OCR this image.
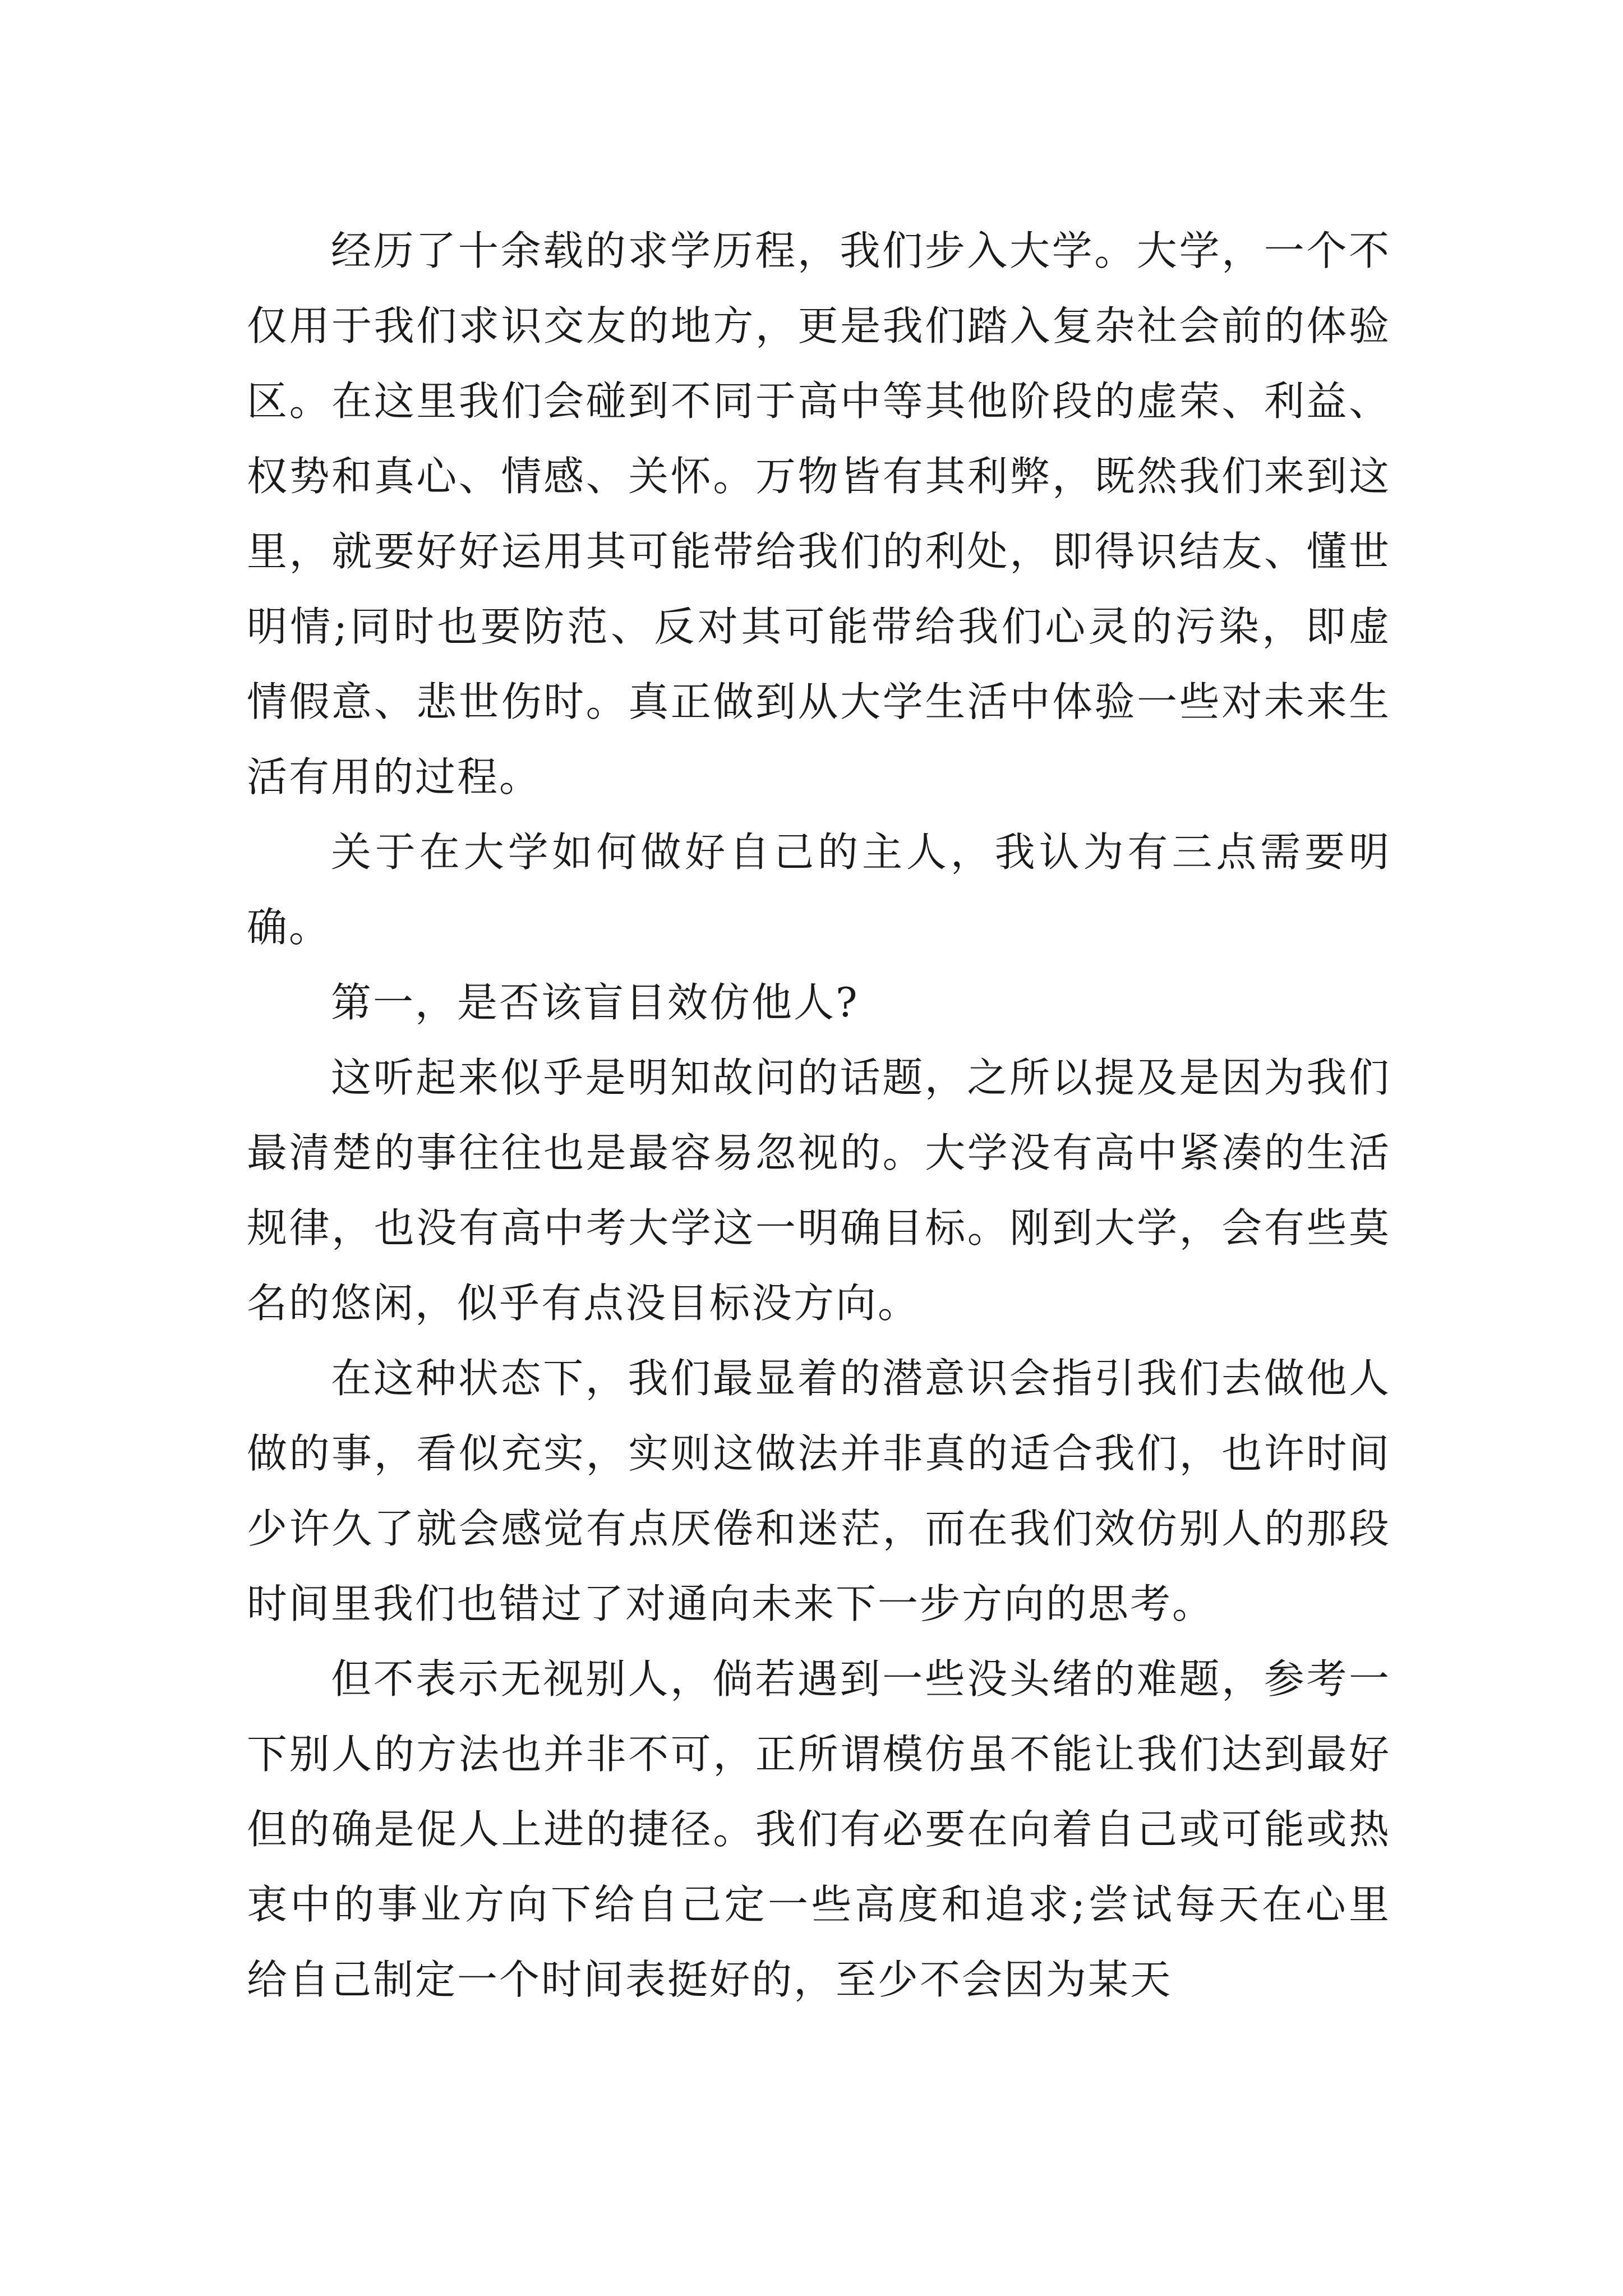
经历了十余载的求学历程，我们步入大学。大学，一个不仅用于我们求识交友的地方，更是我们踏入复杂社会前的体验区。在这里我们会碰到不同于高中等其他阶段的虚荣、利益、权势和真心、情感、关怀。万物皆有其利弊，既然我们来到这里，就要好好运用其可能带给我们的利处，即得识结友、懂世明情;同时也要防范、反对其可能带给我们心灵的污染，即虚情假意、悲世伤时。真正做到从大学生活中体验一些对未来生活有用的过程。

关于在大学如何做好自己的主人，我认为有三点需要明确。

第一，是否该盲目效仿他人?

这听起来似乎是明知故问的话题，之所以提及是因为我们最清楚的事往往也是最容易忽视的。大学没有高中紧凑的生活规律，也没有高中考大学这一明确目标。刚到大学，会有些莫名的悠闲，似乎有点没目标没方向。

在这种状态下，我们最显着的潜意识会指引我们去做他人做的事，看似充实，实则这做法并非真的适合我们，也许时间少许久了就会感觉有点厌倦和迷茫，而在我们效仿别人的那段时间里我们也错过了对通向未来下一步方向的思考。

但不表示无视别人，倘若遇到一些没头绪的难题，参考一下别人的方法也并非不可，正所谓模仿虽不能让我们达到最好但的确是促人上进的捷径。我们有必要在向着自己或可能或热衷中的事业方向下给自己定一些高度和追求;尝试每天在心里给自己制定一个时间表挺好的，至少不会因为某天
